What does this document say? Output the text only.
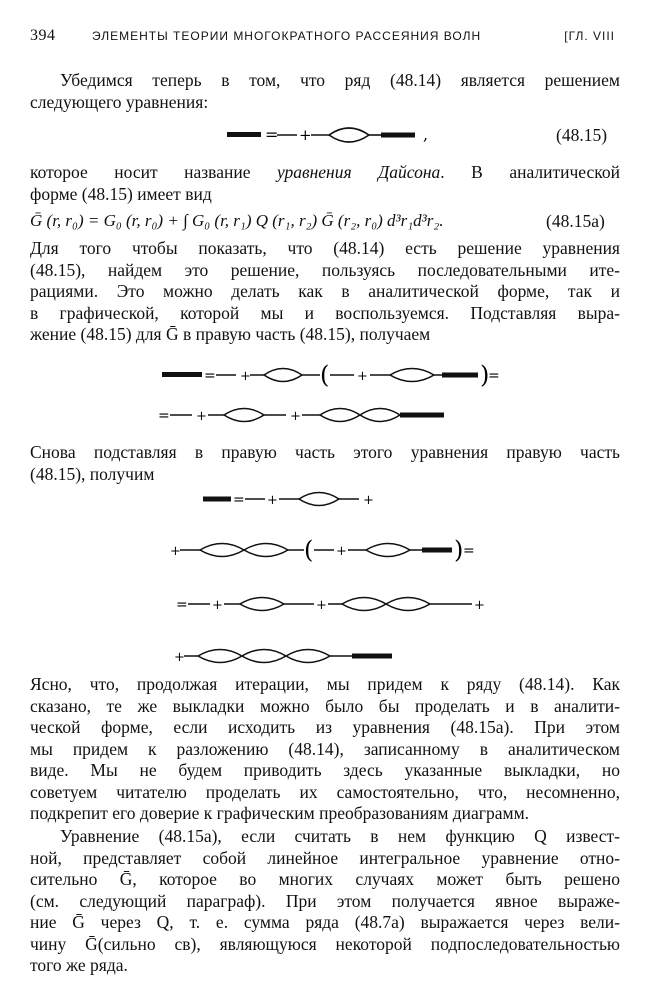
394	ЭЛЕМЕНТЫ ТЕОРИИ МНОГОКРАТНОГО РАССЕЯНИЯ ВОЛН	[ГЛ. VIII
Убедимся теперь в том, что ряд (48.14) является решением
следующего уравнения:
= +	,	(48.15)
которое носит название уравнения Дайсона. В аналитической
форме (48.15) имеет вид
Ḡ (r, r₀) = G₀ (r, r₀) + ∫ G₀ (r, r₁) Q (r₁, r₂) Ḡ (r₂, r₀) d³r₁d³r₂.	(48.15a)
Для того чтобы показать, что (48.14) есть решение уравнения
(48.15), найдем это решение, пользуясь последовательными ите-
рациями. Это можно делать как в аналитической форме, так и
в графической, которой мы и воспользуемся. Подставляя выра-
жение (48.15) для Ḡ в правую часть (48.15), получаем
= +	( +	)
=
= +	+
Снова подставляя в правую часть этого уравнения правую часть
(48.15), получим
= +	+
+	( +	) =
= +	+	+
+
Ясно, что, продолжая итерации, мы придем к ряду (48.14). Как
сказано, те же выкладки можно было бы проделать и в аналити-
ческой форме, если исходить из уравнения (48.15a). При этом
мы придем к разложению (48.14), записанному в аналитическом
виде. Мы не будем приводить здесь указанные выкладки, но
советуем читателю проделать их самостоятельно, что, несомненно,
подкрепит его доверие к графическим преобразованиям диаграмм.
Уравнение (48.15a), если считать в нем функцию Q извест-
ной, представляет собой линейное интегральное уравнение отно-
сительно Ḡ, которое во многих случаях может быть решено
(см. следующий параграф). При этом получается явное выраже-
ние Ḡ через Q, т. е. сумма ряда (48.7a) выражается через вели-
чину Ḡ(сильно св), являющуюся некоторой подпоследовательностью
того же ряда.
